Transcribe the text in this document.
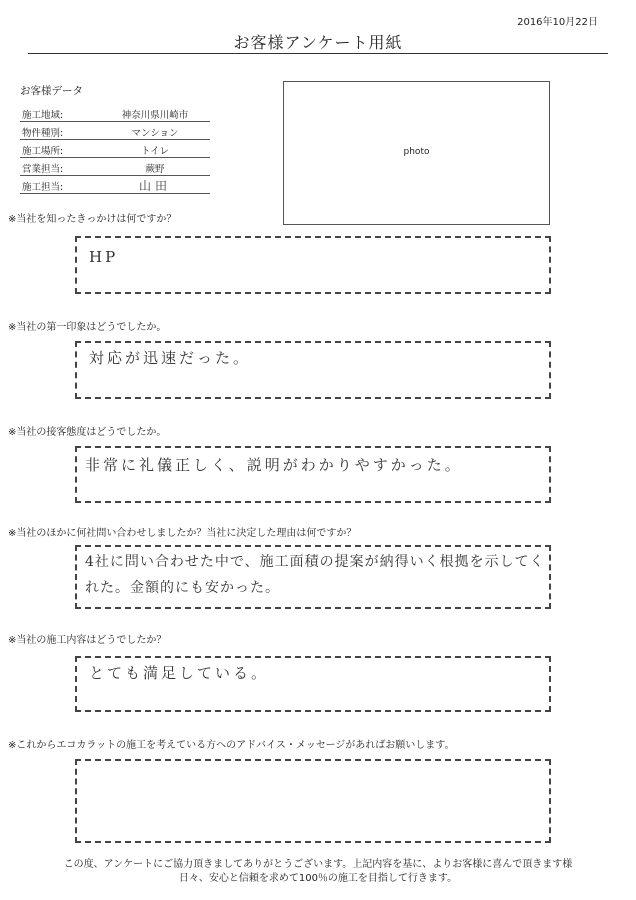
2016年10月22日
お客様アンケート用紙
お客様データ
施工地域:	神奈川県川崎市
物件種別:	マンション
施工場所:	トイレ
営業担当:	蕨野
施工担当:	山田
photo
※当社を知ったきっかけは何ですか？
HP
※当社の第一印象はどうでしたか。
対応が迅速だった。
※当社の接客態度はどうでしたか。
非常に礼儀正しく、説明がわかりやすかった。
※当社のほかに何社問い合わせしましたか？当社に決定した理由は何ですか？
4社に問い合わせた中で、施工面積の提案が納得いく根拠を示してくれた。金額的にも安かった。
※当社の施工内容はどうでしたか？
とても満足している。
※これからエコカラットの施工を考えている方へのアドバイス・メッセージがあればお願いします。
この度、アンケートにご協力頂きましてありがとうございます。上記内容を基に、よりお客様に喜んで頂きます様
日々、安心と信頼を求めて100％の施工を目指して行きます。
